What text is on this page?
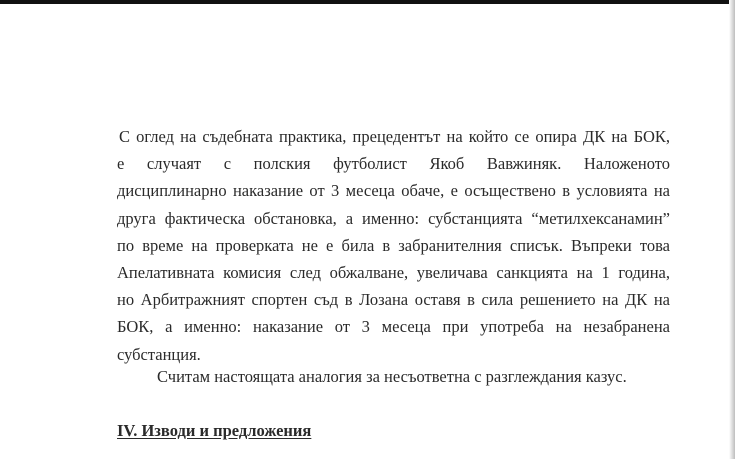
С оглед на съдебната практика, прецедентът на който се опира ДК на БОК,
е случаят с полския футболист Якоб Вавжиняк. Наложеното
дисциплинарно наказание от 3 месеца обаче, е осъществено в условията на
друга фактическа обстановка, а именно: субстанцията “метилхексанамин”
по време на проверката не е била в забранителния списък. Въпреки това
Апелативната комисия след обжалване, увеличава санкцията на 1 година,
но Арбитражният спортен съд в Лозана оставя в сила решението на ДК на
БОК, а именно: наказание от 3 месеца при употреба на незабранена
субстанция.

Считам настоящата аналогия за несъответна с разглеждания казус.

IV. Изводи и предложения
